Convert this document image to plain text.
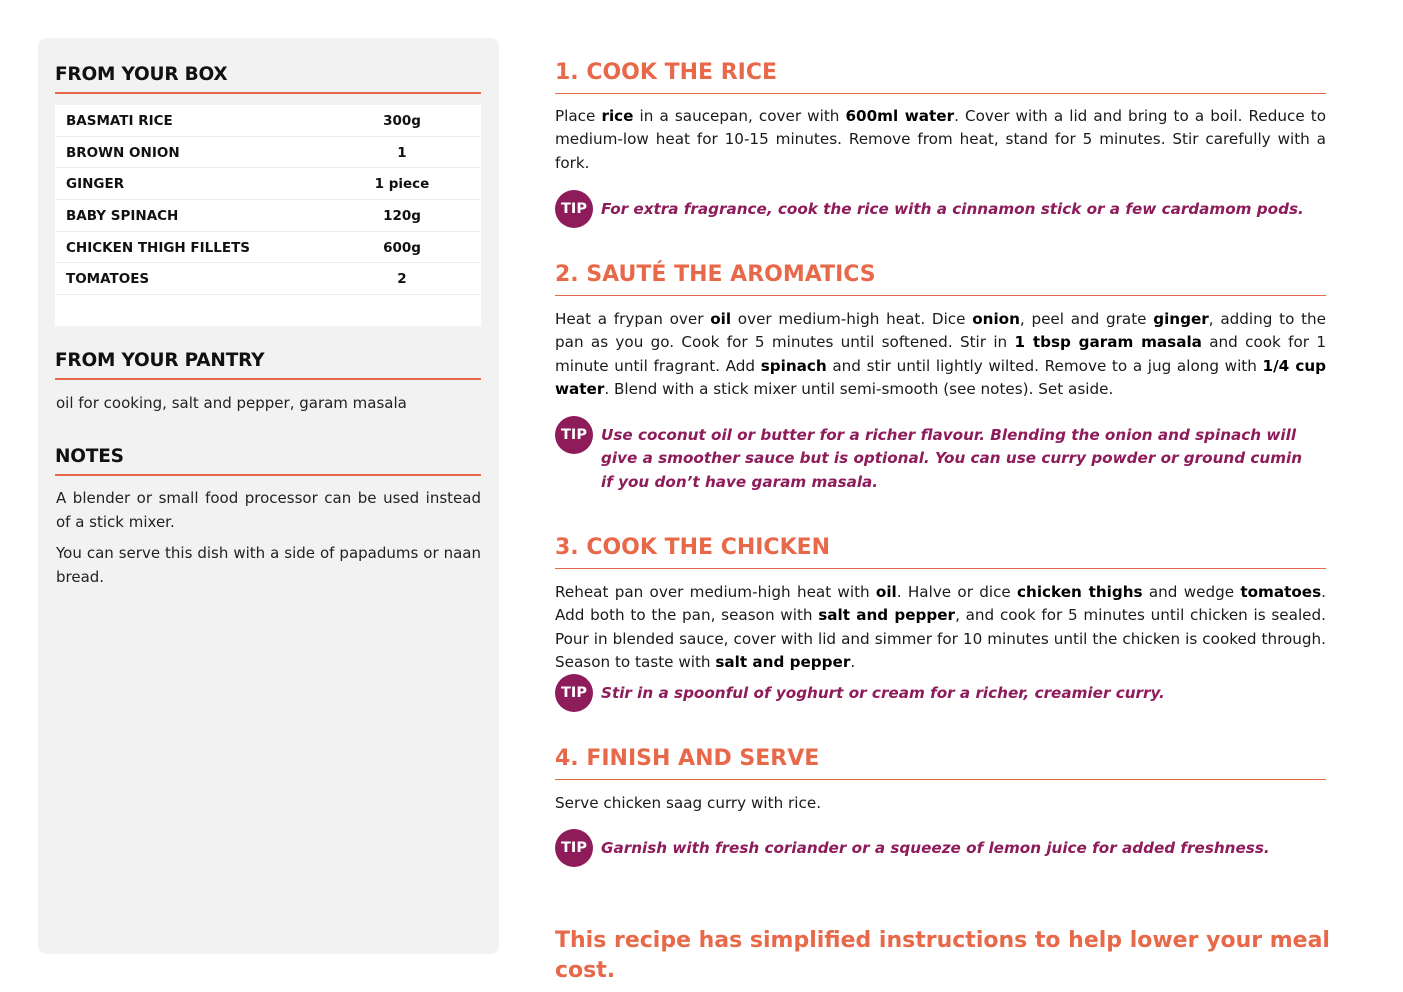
FROM YOUR BOX
BASMATI RICE	300g
BROWN ONION	1
GINGER	1 piece
BABY SPINACH	120g
CHICKEN THIGH FILLETS	600g
TOMATOES	2
FROM YOUR PANTRY
oil for cooking, salt and pepper, garam masala
NOTES
A blender or small food processor can be used instead of a stick mixer.
You can serve this dish with a side of papadums or naan bread.
1. COOK THE RICE
Place rice in a saucepan, cover with 600ml water. Cover with a lid and bring to a boil. Reduce to medium-low heat for 10-15 minutes. Remove from heat, stand for 5 minutes. Stir carefully with a fork.
TIP For extra fragrance, cook the rice with a cinnamon stick or a few cardamom pods.
2. SAUTÉ THE AROMATICS
Heat a frypan over oil over medium-high heat. Dice onion, peel and grate ginger, adding to the pan as you go. Cook for 5 minutes until softened. Stir in 1 tbsp garam masala and cook for 1 minute until fragrant. Add spinach and stir until lightly wilted. Remove to a jug along with 1/4 cup water. Blend with a stick mixer until semi-smooth (see notes). Set aside.
TIP Use coconut oil or butter for a richer flavour. Blending the onion and spinach will give a smoother sauce but is optional. You can use curry powder or ground cumin if you don’t have garam masala.
3. COOK THE CHICKEN
Reheat pan over medium-high heat with oil. Halve or dice chicken thighs and wedge tomatoes. Add both to the pan, season with salt and pepper, and cook for 5 minutes until chicken is sealed. Pour in blended sauce, cover with lid and simmer for 10 minutes until the chicken is cooked through. Season to taste with salt and pepper.
TIP Stir in a spoonful of yoghurt or cream for a richer, creamier curry.
4. FINISH AND SERVE
Serve chicken saag curry with rice.
TIP Garnish with fresh coriander or a squeeze of lemon juice for added freshness.
This recipe has simplified instructions to help lower your meal cost.
